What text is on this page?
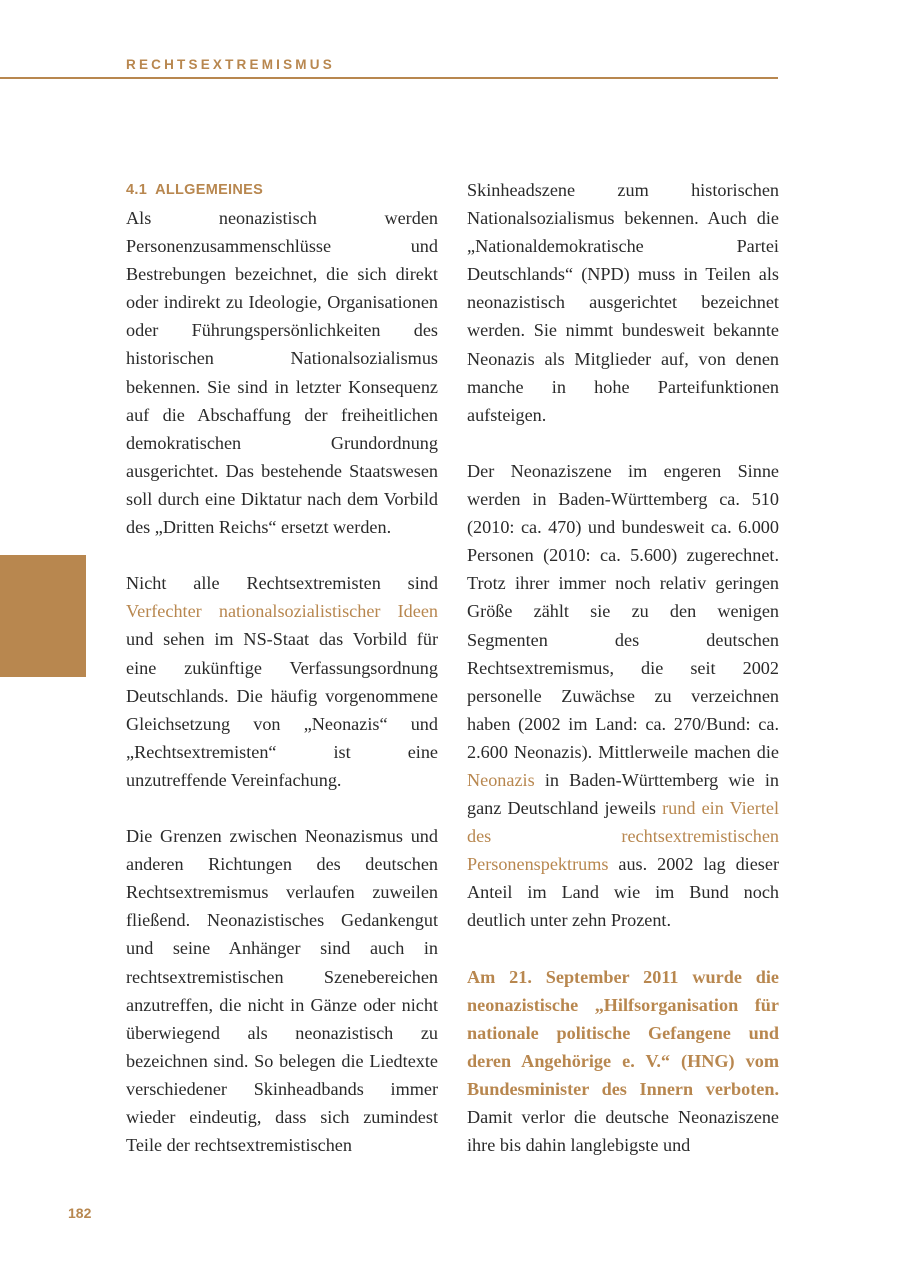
RECHTSEXTREMISMUS
4.1 ALLGEMEINES

Als neonazistisch werden Personenzusammenschlüsse und Bestrebungen bezeichnet, die sich direkt oder indirekt zu Ideologie, Organisationen oder Führungspersönlichkeiten des historischen Nationalsozialismus bekennen. Sie sind in letzter Konsequenz auf die Abschaffung der freiheitlichen demokratischen Grundordnung ausgerichtet. Das bestehende Staatswesen soll durch eine Diktatur nach dem Vorbild des „Dritten Reichs“ ersetzt werden.

Nicht alle Rechtsextremisten sind Verfechter nationalsozialistischer Ideen und sehen im NS-Staat das Vorbild für eine zukünftige Verfassungsordnung Deutschlands. Die häufig vorgenommene Gleichsetzung von „Neonazis“ und „Rechtsextremisten“ ist eine unzutreffende Vereinfachung.

Die Grenzen zwischen Neonazismus und anderen Richtungen des deutschen Rechtsextremismus verlaufen zuweilen fließend. Neonazistisches Gedankengut und seine Anhänger sind auch in rechtsextremistischen Szenebereichen anzutreffen, die nicht in Gänze oder nicht überwiegend als neonazistisch zu bezeichnen sind. So belegen die Liedtexte verschiedener Skinheadbands immer wieder eindeutig, dass sich zumindest Teile der rechtsextremistischen

Skinheadszene zum historischen Nationalsozialismus bekennen. Auch die „Nationaldemokratische Partei Deutschlands“ (NPD) muss in Teilen als neonazistisch ausgerichtet bezeichnet werden. Sie nimmt bundesweit bekannte Neonazis als Mitglieder auf, von denen manche in hohe Parteifunktionen aufsteigen.

Der Neonaziszene im engeren Sinne werden in Baden-Württemberg ca. 510 (2010: ca. 470) und bundesweit ca. 6.000 Personen (2010: ca. 5.600) zugerechnet. Trotz ihrer immer noch relativ geringen Größe zählt sie zu den wenigen Segmenten des deutschen Rechtsextremismus, die seit 2002 personelle Zuwächse zu verzeichnen haben (2002 im Land: ca. 270/Bund: ca. 2.600 Neonazis). Mittlerweile machen die Neonazis in Baden-Württemberg wie in ganz Deutschland jeweils rund ein Viertel des rechtsextremistischen Personenspektrums aus. 2002 lag dieser Anteil im Land wie im Bund noch deutlich unter zehn Prozent.

Am 21. September 2011 wurde die neonazistische „Hilfsorganisation für nationale politische Gefangene und deren Angehörige e. V.“ (HNG) vom Bundesminister des Innern verboten. Damit verlor die deutsche Neonaziszene ihre bis dahin langlebigste und

182
